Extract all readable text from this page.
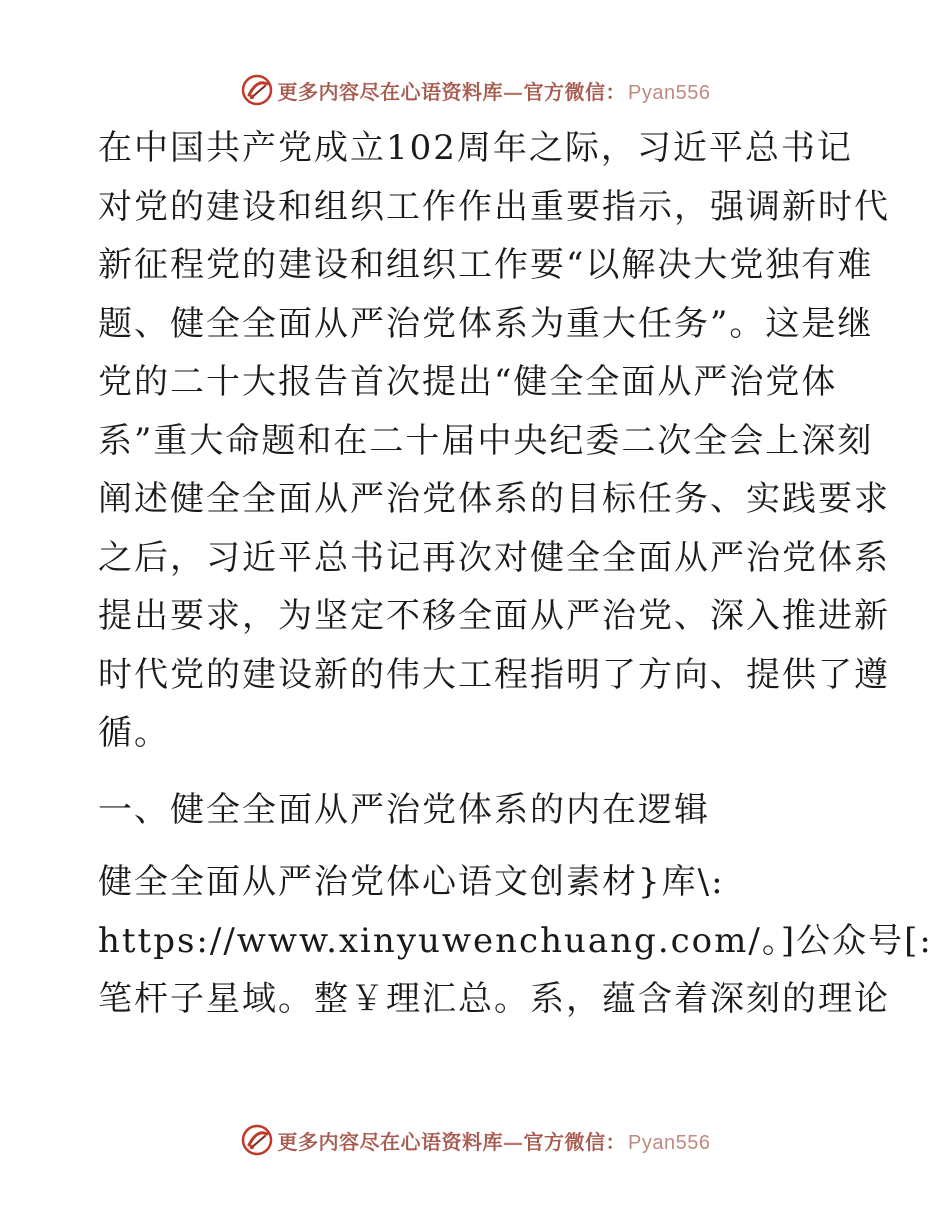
更多内容尽在心语资料库—官方微信： Pyan556

在中国共产党成立102周年之际，习近平总书记
对党的建设和组织工作作出重要指示，强调新时代
新征程党的建设和组织工作要“以解决大党独有难
题、健全全面从严治党体系为重大任务”。这是继
党的二十大报告首次提出“健全全面从严治党体
系”重大命题和在二十届中央纪委二次全会上深刻
阐述健全全面从严治党体系的目标任务、实践要求
之后，习近平总书记再次对健全全面从严治党体系
提出要求，为坚定不移全面从严治党、深入推进新
时代党的建设新的伟大工程指明了方向、提供了遵
循。

一、健全全面从严治党体系的内在逻辑

健全全面从严治党体心语文创素材}库\:
https://www.xinyuwenchuang.com/。]公众号[:
笔杆子星域。整￥理汇总。系，蕴含着深刻的理论

更多内容尽在心语资料库—官方微信： Pyan556
